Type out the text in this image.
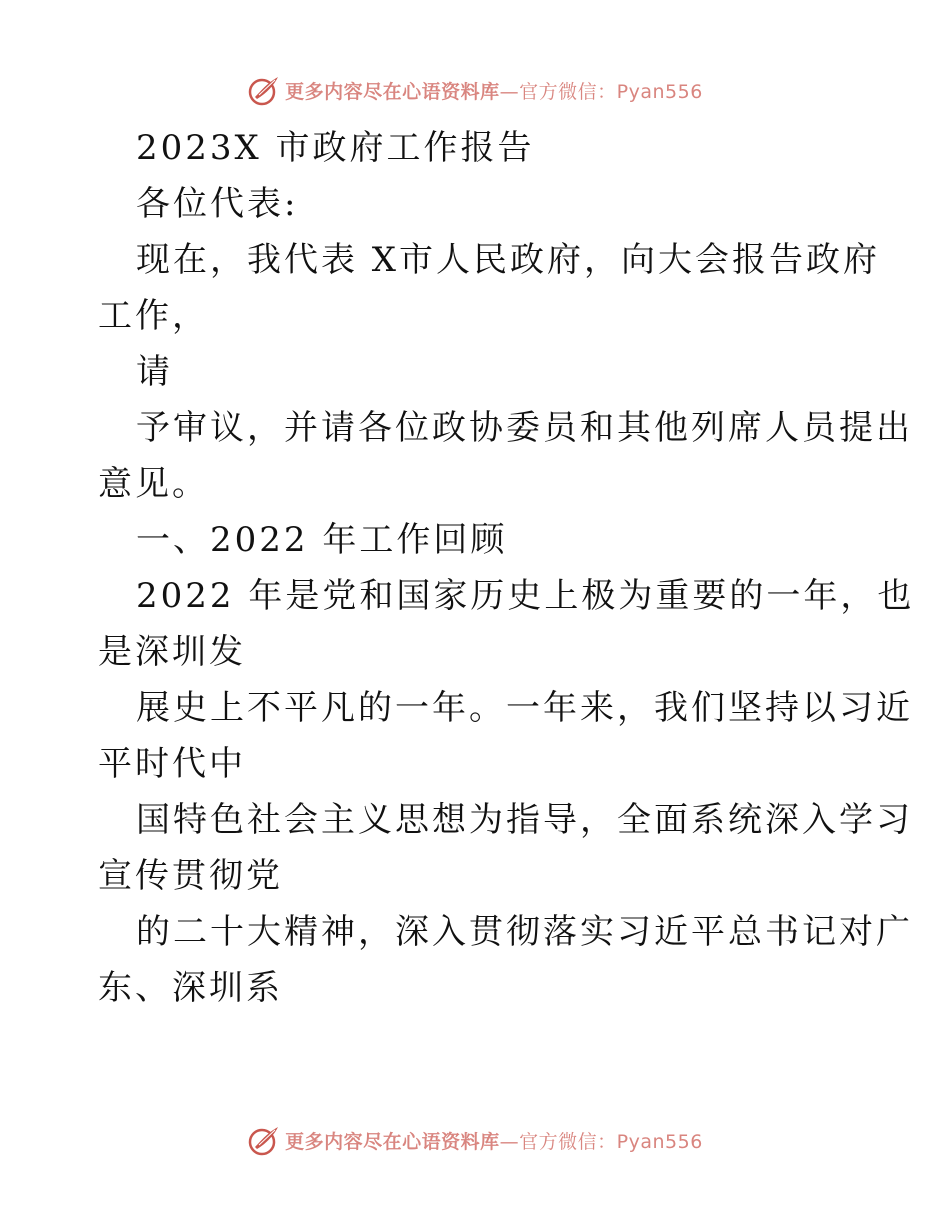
更多内容尽在心语资料库—官方微信：Pyan556
2023X 市政府工作报告
各位代表:
现在，我代表 X市人民政府，向大会报告政府
工作，
请
予审议，并请各位政协委员和其他列席人员提出
意见。
一、2022 年工作回顾
2022 年是党和国家历史上极为重要的一年，也
是深圳发
展史上不平凡的一年。一年来，我们坚持以习近
平时代中
国特色社会主义思想为指导，全面系统深入学习
宣传贯彻党
的二十大精神，深入贯彻落实习近平总书记对广
东、深圳系
更多内容尽在心语资料库—官方微信：Pyan556
